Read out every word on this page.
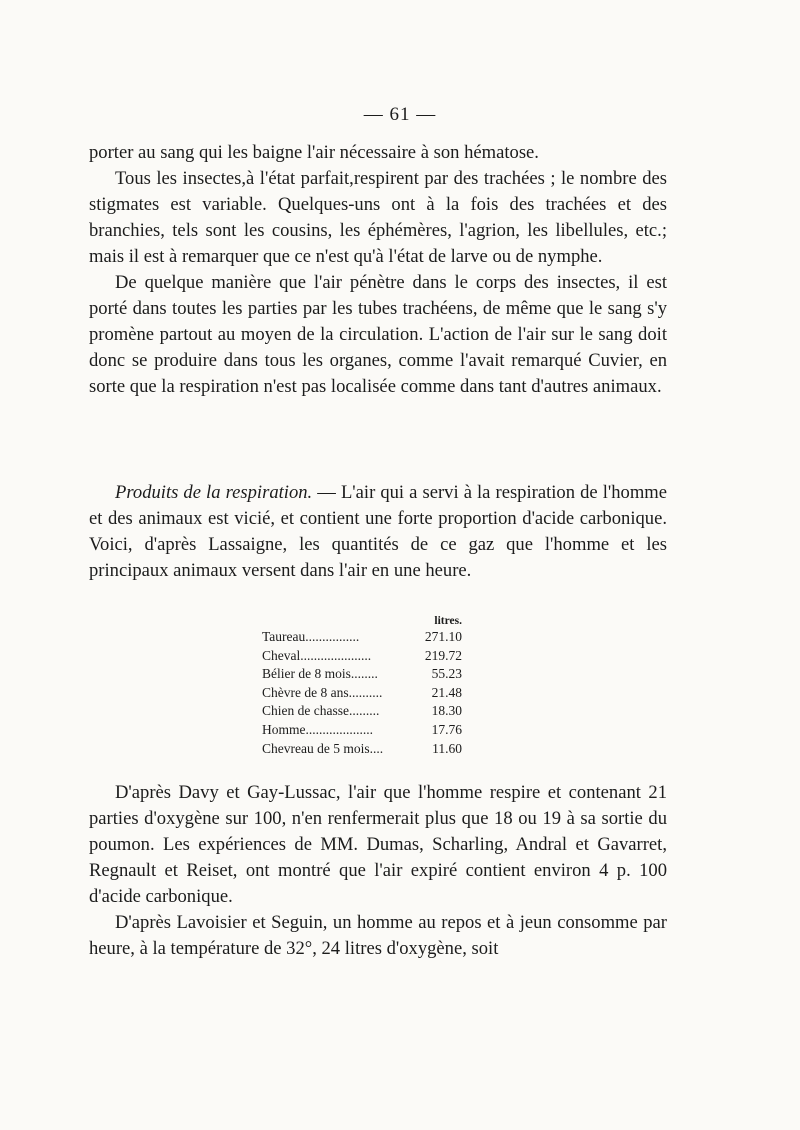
— 61 —

porter au sang qui les baigne l'air nécessaire à son hématose.

Tous les insectes,à l'état parfait,respirent par des trachées ; le nombre des stigmates est variable. Quelques-uns ont à la fois des trachées et des branchies, tels sont les cousins, les éphémères, l'agrion, les libellules, etc.; mais il est à remarquer que ce n'est qu'à l'état de larve ou de nymphe.

De quelque manière que l'air pénètre dans le corps des insectes, il est porté dans toutes les parties par les tubes trachéens, de même que le sang s'y promène partout au moyen de la circulation. L'action de l'air sur le sang doit donc se produire dans tous les organes, comme l'avait remarqué Cuvier, en sorte que la respiration n'est pas localisée comme dans tant d'autres animaux.

Produits de la respiration. — L'air qui a servi à la respiration de l'homme et des animaux est vicié, et contient une forte proportion d'acide carbonique. Voici, d'après Lassaigne, les quantités de ce gaz que l'homme et les principaux animaux versent dans l'air en une heure.

litres.
Taureau................	271.10
Cheval.....................	219.72
Bélier de 8 mois........	55.23
Chèvre de 8 ans..........	21.48
Chien de chasse.........	18.30
Homme....................	17.76
Chevreau de 5 mois....	11.60

D'après Davy et Gay-Lussac, l'air que l'homme respire et contenant 21 parties d'oxygène sur 100, n'en renfermerait plus que 18 ou 19 à sa sortie du poumon. Les expériences de MM. Dumas, Scharling, Andral et Gavarret, Regnault et Reiset, ont montré que l'air expiré contient environ 4 p. 100 d'acide carbonique.

D'après Lavoisier et Seguin, un homme au repos et à jeun consomme par heure, à la température de 32°, 24 litres d'oxygène, soit
